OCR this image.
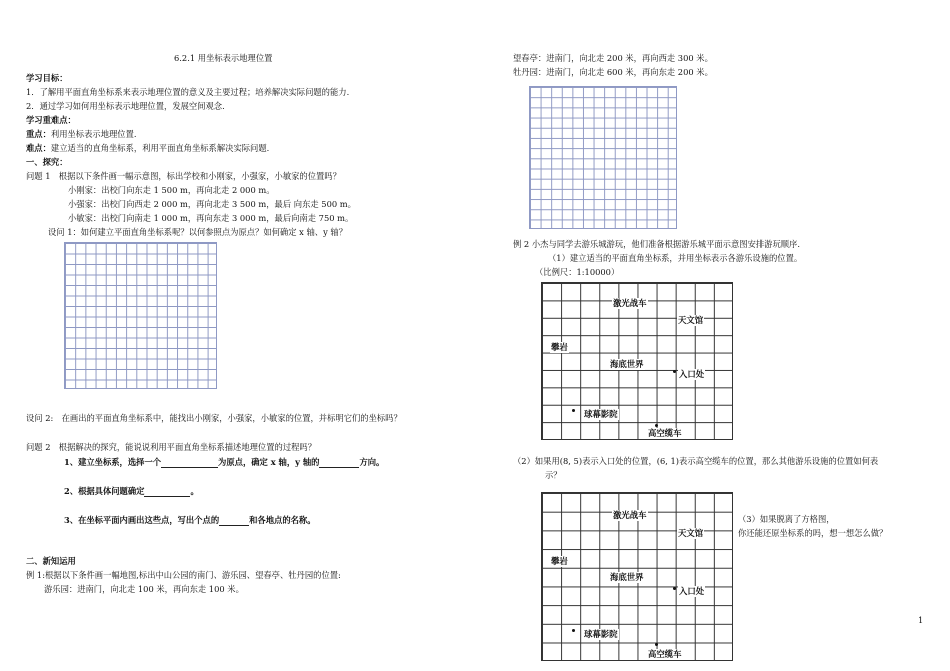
6.2.1 用坐标表示地理位置
学习目标：
1．了解用平面直角坐标系来表示地理位置的意义及主要过程；培养解决实际问题的能力.
2．通过学习如何用坐标表示地理位置，发展空间观念.
学习重难点：
重点：利用坐标表示地理位置.
难点：建立适当的直角坐标系，利用平面直角坐标系解决实际问题.
一、探究：
问题 1　根据以下条件画一幅示意图，标出学校和小刚家，小强家，小敏家的位置吗？
小刚家：出校门向东走 1 500 m，再向北走 2 000 m。
小强家：出校门向西走 2 000 m，再向北走 3 500 m，最后 向东走 500 m。
小敏家：出校门向南走 1 000 m，再向东走 3 000 m，最后向南走 750 m。
设问 1：如何建立平面直角坐标系呢？以何参照点为原点？如何确定 x 轴、y 轴？
设问 2:　在画出的平面直角坐标系中，能找出小刚家，小强家，小敏家的位置，并标明它们的坐标吗？
问题 2　根据解决的探究，能说说利用平面直角坐标系描述地理位置的过程吗？
1、建立坐标系，选择一个	为原点，确定 x 轴，y 轴的	方向。
2、根据具体问题确定	。
3、在坐标平面内画出这些点，写出个点的	和各地点的名称。
二、新知运用
例 1:根据以下条件画一幅地图,标出中山公园的南门、游乐园、望春亭、牡丹园的位置:
游乐园：进南门，向北走 100 米，再向东走 100 米。
望春亭：进南门，向北走 200 米，再向西走 300 米。
牡丹园：进南门，向北走 600 米，再向东走 200 米。
例 2 小杰与同学去游乐城游玩，他们准备根据游乐城平面示意图安排游玩顺序.
（1）建立适当的平面直角坐标系，并用坐标表示各游乐设施的位置。
（比例尺：1:10000）
激光战车
天文馆
攀岩
海底世界
入口处
球幕影院
高空缆车
（2）如果用(8, 5)表示入口处的位置，(6, 1)表示高空缆车的位置，那么其他游乐设施的位置如何表
示？
激光战车
天文馆
攀岩
海底世界
入口处
球幕影院
高空缆车
（3）如果脱离了方格图，
你还能还原坐标系的吗，想一想怎么做？
1
